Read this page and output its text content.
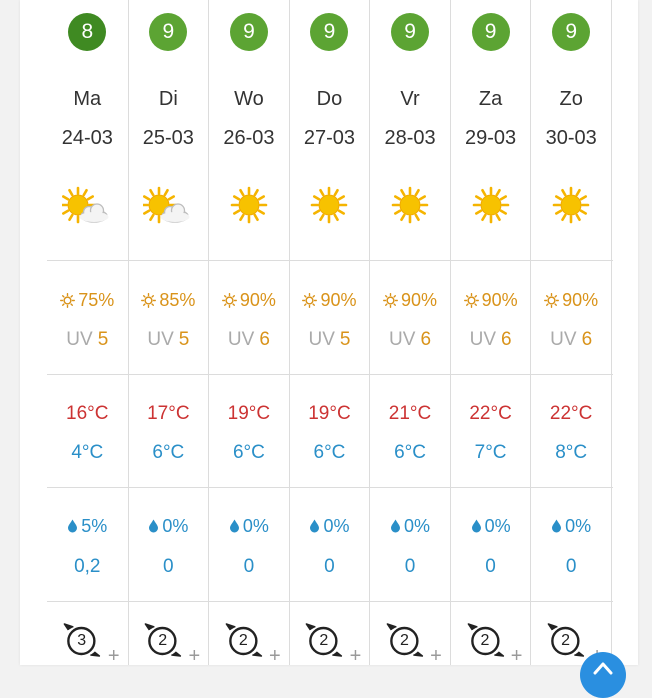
8
Ma
24-03
75%
UV 5
16°C
4°C
5%
0,2
3
+
9
Di
25-03
85%
UV 5
17°C
6°C
0%
0
2
+
9
Wo
26-03
90%
UV 6
19°C
6°C
0%
0
2
+
9
Do
27-03
90%
UV 5
19°C
6°C
0%
0
2
+
9
Vr
28-03
90%
UV 6
21°C
6°C
0%
0
2
+
9
Za
29-03
90%
UV 6
22°C
7°C
0%
0
2
+
9
Zo
30-03
90%
UV 6
22°C
8°C
0%
0
2
